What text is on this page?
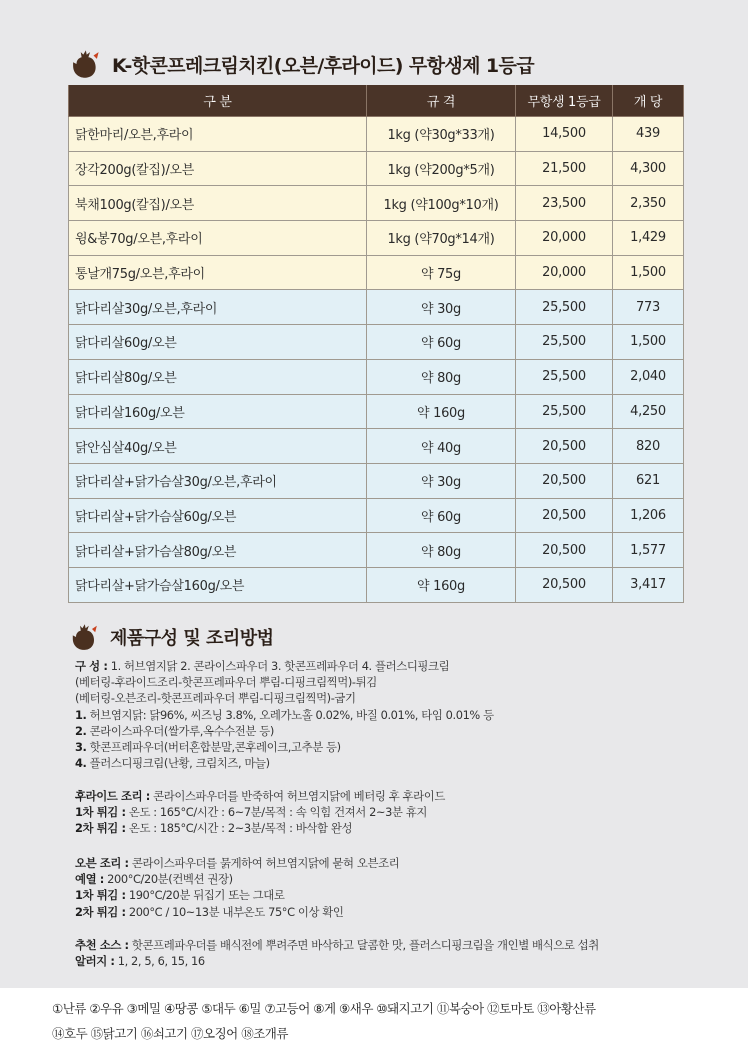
K-핫콘프레크림치킨(오븐/후라이드) 무항생제 1등급
구 분	규 격	무항생 1등급	개 당
닭한마리/오븐,후라이	1kg (약30g*33개)	14,500	439
장각200g(칼집)/오븐	1kg (약200g*5개)	21,500	4,300
북채100g(칼집)/오븐	1kg (약100g*10개)	23,500	2,350
윙&봉70g/오븐,후라이	1kg (약70g*14개)	20,000	1,429
통날개75g/오븐,후라이	약 75g	20,000	1,500
닭다리살30g/오븐,후라이	약 30g	25,500	773
닭다리살60g/오븐	약 60g	25,500	1,500
닭다리살80g/오븐	약 80g	25,500	2,040
닭다리살160g/오븐	약 160g	25,500	4,250
닭안심살40g/오븐	약 40g	20,500	820
닭다리살+닭가슴살30g/오븐,후라이	약 30g	20,500	621
닭다리살+닭가슴살60g/오븐	약 60g	20,500	1,206
닭다리살+닭가슴살80g/오븐	약 80g	20,500	1,577
닭다리살+닭가슴살160g/오븐	약 160g	20,500	3,417
제품구성 및 조리방법

구 성 : 1. 허브염지닭 2. 콘라이스파우더 3. 핫콘프레파우더 4. 플러스디핑크림

(베터링-후라이드조리-핫콘프레파우더 뿌림-디핑크림찍먹)-튀김

(베터링-오븐조리-핫콘프레파우더 뿌림-디핑크림찍먹)-굽기

1. 허브염지닭: 닭96%, 씨즈닝 3.8%, 오레가노홀 0.02%, 바질 0.01%, 타임 0.01% 등

2. 콘라이스파우더(쌀가루,옥수수전분 등)

3. 핫콘프레파우더(버터혼합분말,콘후레이크,고추분 등)

4. 플러스디핑크림(난황, 크림치즈, 마늘)

후라이드 조리 : 콘라이스파우더를 반죽하여 허브염지닭에 베터링 후 후라이드

1차 튀김 : 온도 : 165°C/시간 : 6~7분/목적 : 속 익힘 건져서 2~3분 휴지

2차 튀김 : 온도 : 185°C/시간 : 2~3분/목적 : 바삭함 완성

오븐 조리 : 콘라이스파우더를 묽게하여 허브염지닭에 묻혀 오븐조리

예열 : 200°C/20분(컨벡션 권장)

1차 튀김 : 190°C/20분 뒤집기 또는 그대로

2차 튀김 : 200°C / 10~13분 내부온도 75°C 이상 확인

추천 소스 : 핫콘프레파우더를 배식전에 뿌려주면 바삭하고 달콤한 맛, 플러스디핑크림을 개인별 배식으로 섭취

알러지 : 1, 2, 5, 6, 15, 16

①난류 ②우유 ③메밀 ④땅콩 ⑤대두 ⑥밀 ⑦고등어 ⑧게 ⑨새우 ⑩돼지고기 ⑪복숭아 ⑫토마토 ⑬아황산류
⑭호두 ⑮닭고기 ⑯쇠고기 ⑰오징어 ⑱조개류
